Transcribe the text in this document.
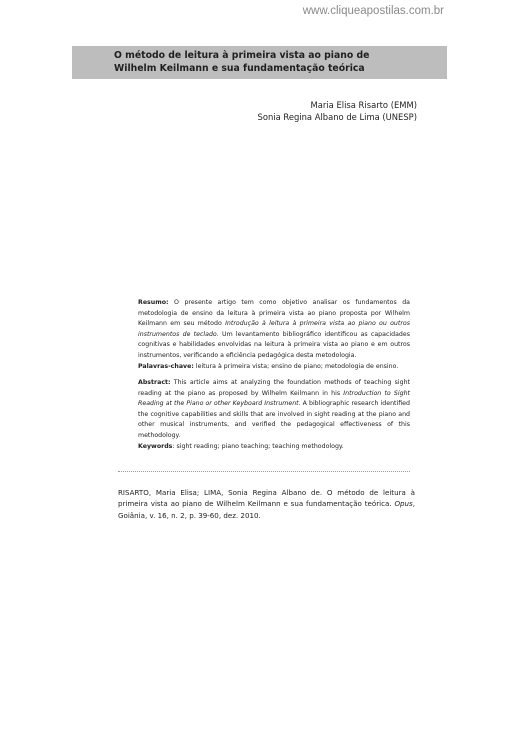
www.cliqueapostilas.com.br
O método de leitura à primeira vista ao piano de
Wilhelm Keilmann e sua fundamentação teórica
Maria Elisa Risarto (EMM)
Sonia Regina Albano de Lima (UNESP)

Resumo: O presente artigo tem como objetivo analisar os fundamentos da metodologia de ensino da leitura à primeira vista ao piano proposta por Wilhelm Keilmann em seu método Introdução à leitura à primeira vista ao piano ou outros instrumentos de teclado. Um levantamento bibliográfico identificou as capacidades cognitivas e habilidades envolvidas na leitura à primeira vista ao piano e em outros instrumentos, verificando a eficiência pedagógica desta metodologia.

Palavras-chave: leitura à primeira vista; ensino de piano; metodologia de ensino.

Abstract: This article aims at analyzing the foundation methods of teaching sight reading at the piano as proposed by Wilhelm Keilmann in his Introduction to Sight Reading at the Piano or other Keyboard Instrument. A bibliographic research identified the cognitive capabilities and skills that are involved in sight reading at the piano and other musical instruments, and verified the pedagogical effectiveness of this methodology.

Keywords: sight reading; piano teaching; teaching methodology.

RISARTO, Maria Elisa; LIMA, Sonia Regina Albano de. O método de leitura à primeira vista ao piano de Wilhelm Keilmann e sua fundamentação teórica. Opus, Goiânia, v. 16, n. 2, p. 39-60, dez. 2010.
